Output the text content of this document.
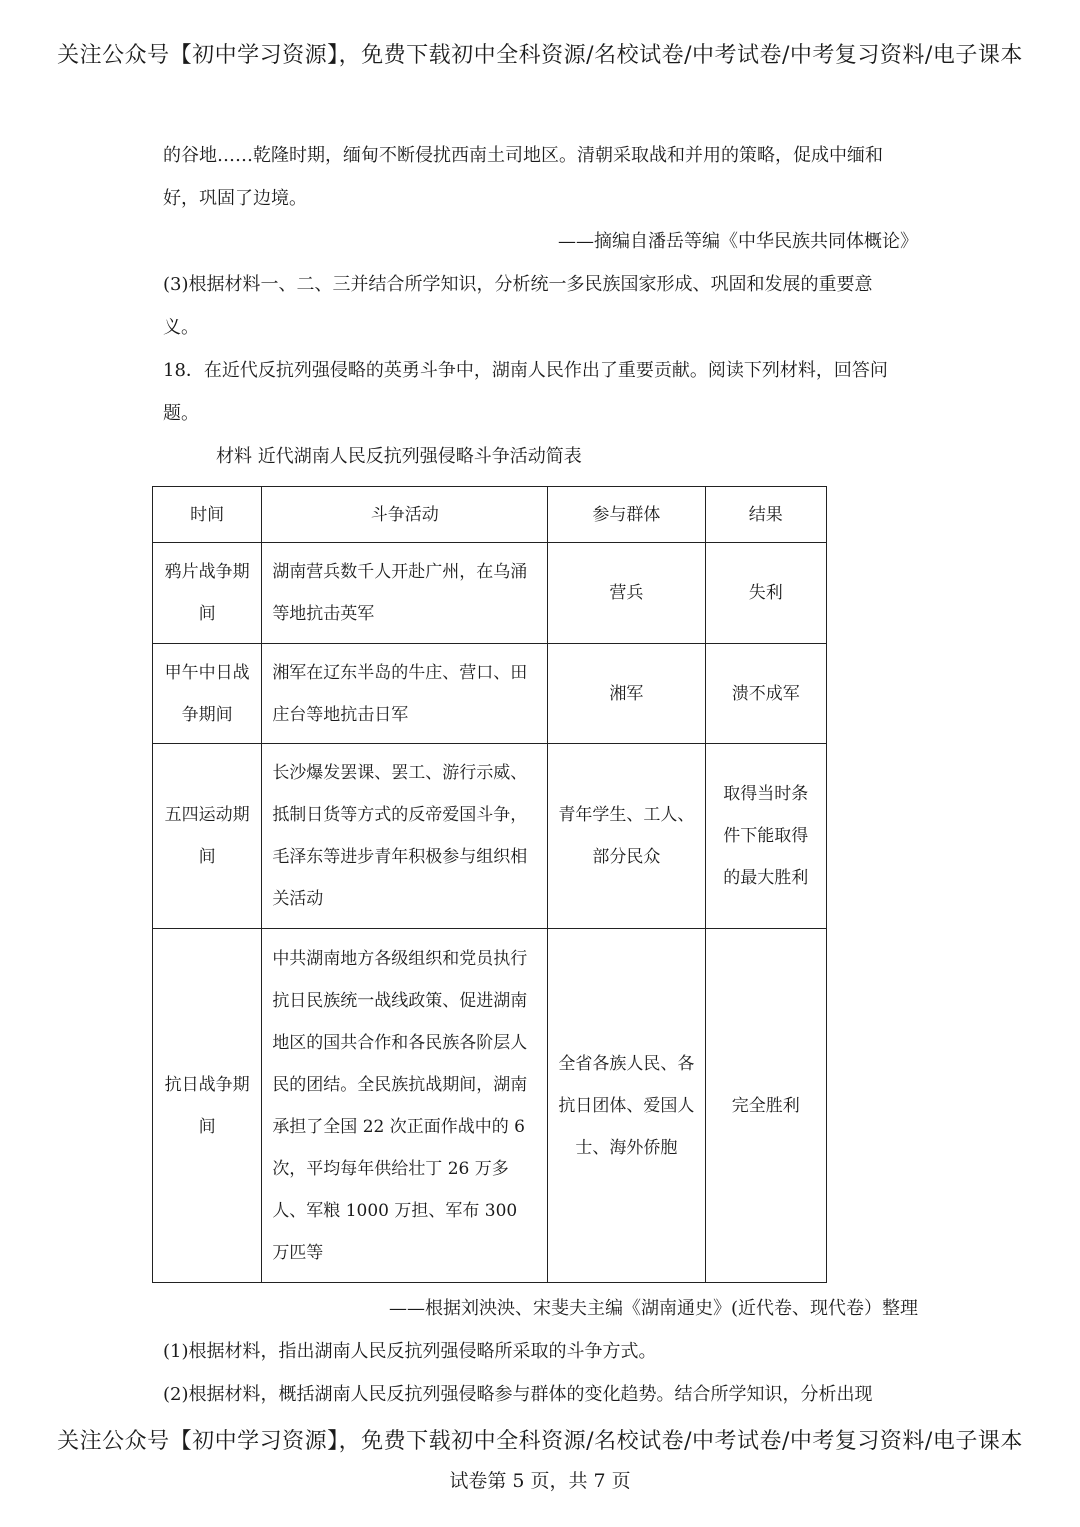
关注公众号【初中学习资源】，免费下载初中全科资源/名校试卷/中考试卷/中考复习资料/电子课本

的谷地……乾隆时期，缅甸不断侵扰西南土司地区。清朝采取战和并用的策略，促成中缅和

好，巩固了边境。

——摘编自潘岳等编《中华民族共同体概论》

(3)根据材料一、二、三并结合所学知识，分析统一多民族国家形成、巩固和发展的重要意

义。

18．在近代反抗列强侵略的英勇斗争中，湖南人民作出了重要贡献。阅读下列材料，回答问

题。

材料 近代湖南人民反抗列强侵略斗争活动简表

时间	斗争活动	参与群体	结果
鸦片战争期间	湖南营兵数千人开赴广州，在乌涌等地抗击英军	营兵	失利
甲午中日战争期间	湘军在辽东半岛的牛庄、营口、田庄台等地抗击日军	湘军	溃不成军
五四运动期间	长沙爆发罢课、罢工、游行示威、抵制日货等方式的反帝爱国斗争，毛泽东等进步青年积极参与组织相关活动	青年学生、工人、部分民众	取得当时条件下能取得的最大胜利
抗日战争期间	中共湖南地方各级组织和党员执行抗日民族统一战线政策、促进湖南地区的国共合作和各民族各阶层人民的团结。全民族抗战期间，湖南承担了全国 22 次正面作战中的 6 次，平均每年供给壮丁 26 万多人、军粮 1000 万担、军布 300 万匹等	全省各族人民、各抗日团体、爱国人士、海外侨胞	完全胜利

——根据刘泱泱、宋斐夫主编《湖南通史》(近代卷、现代卷）整理

(1)根据材料，指出湖南人民反抗列强侵略所采取的斗争方式。

(2)根据材料，概括湖南人民反抗列强侵略参与群体的变化趋势。结合所学知识，分析出现

关注公众号【初中学习资源】，免费下载初中全科资源/名校试卷/中考试卷/中考复习资料/电子课本
试卷第 5 页，共 7 页
